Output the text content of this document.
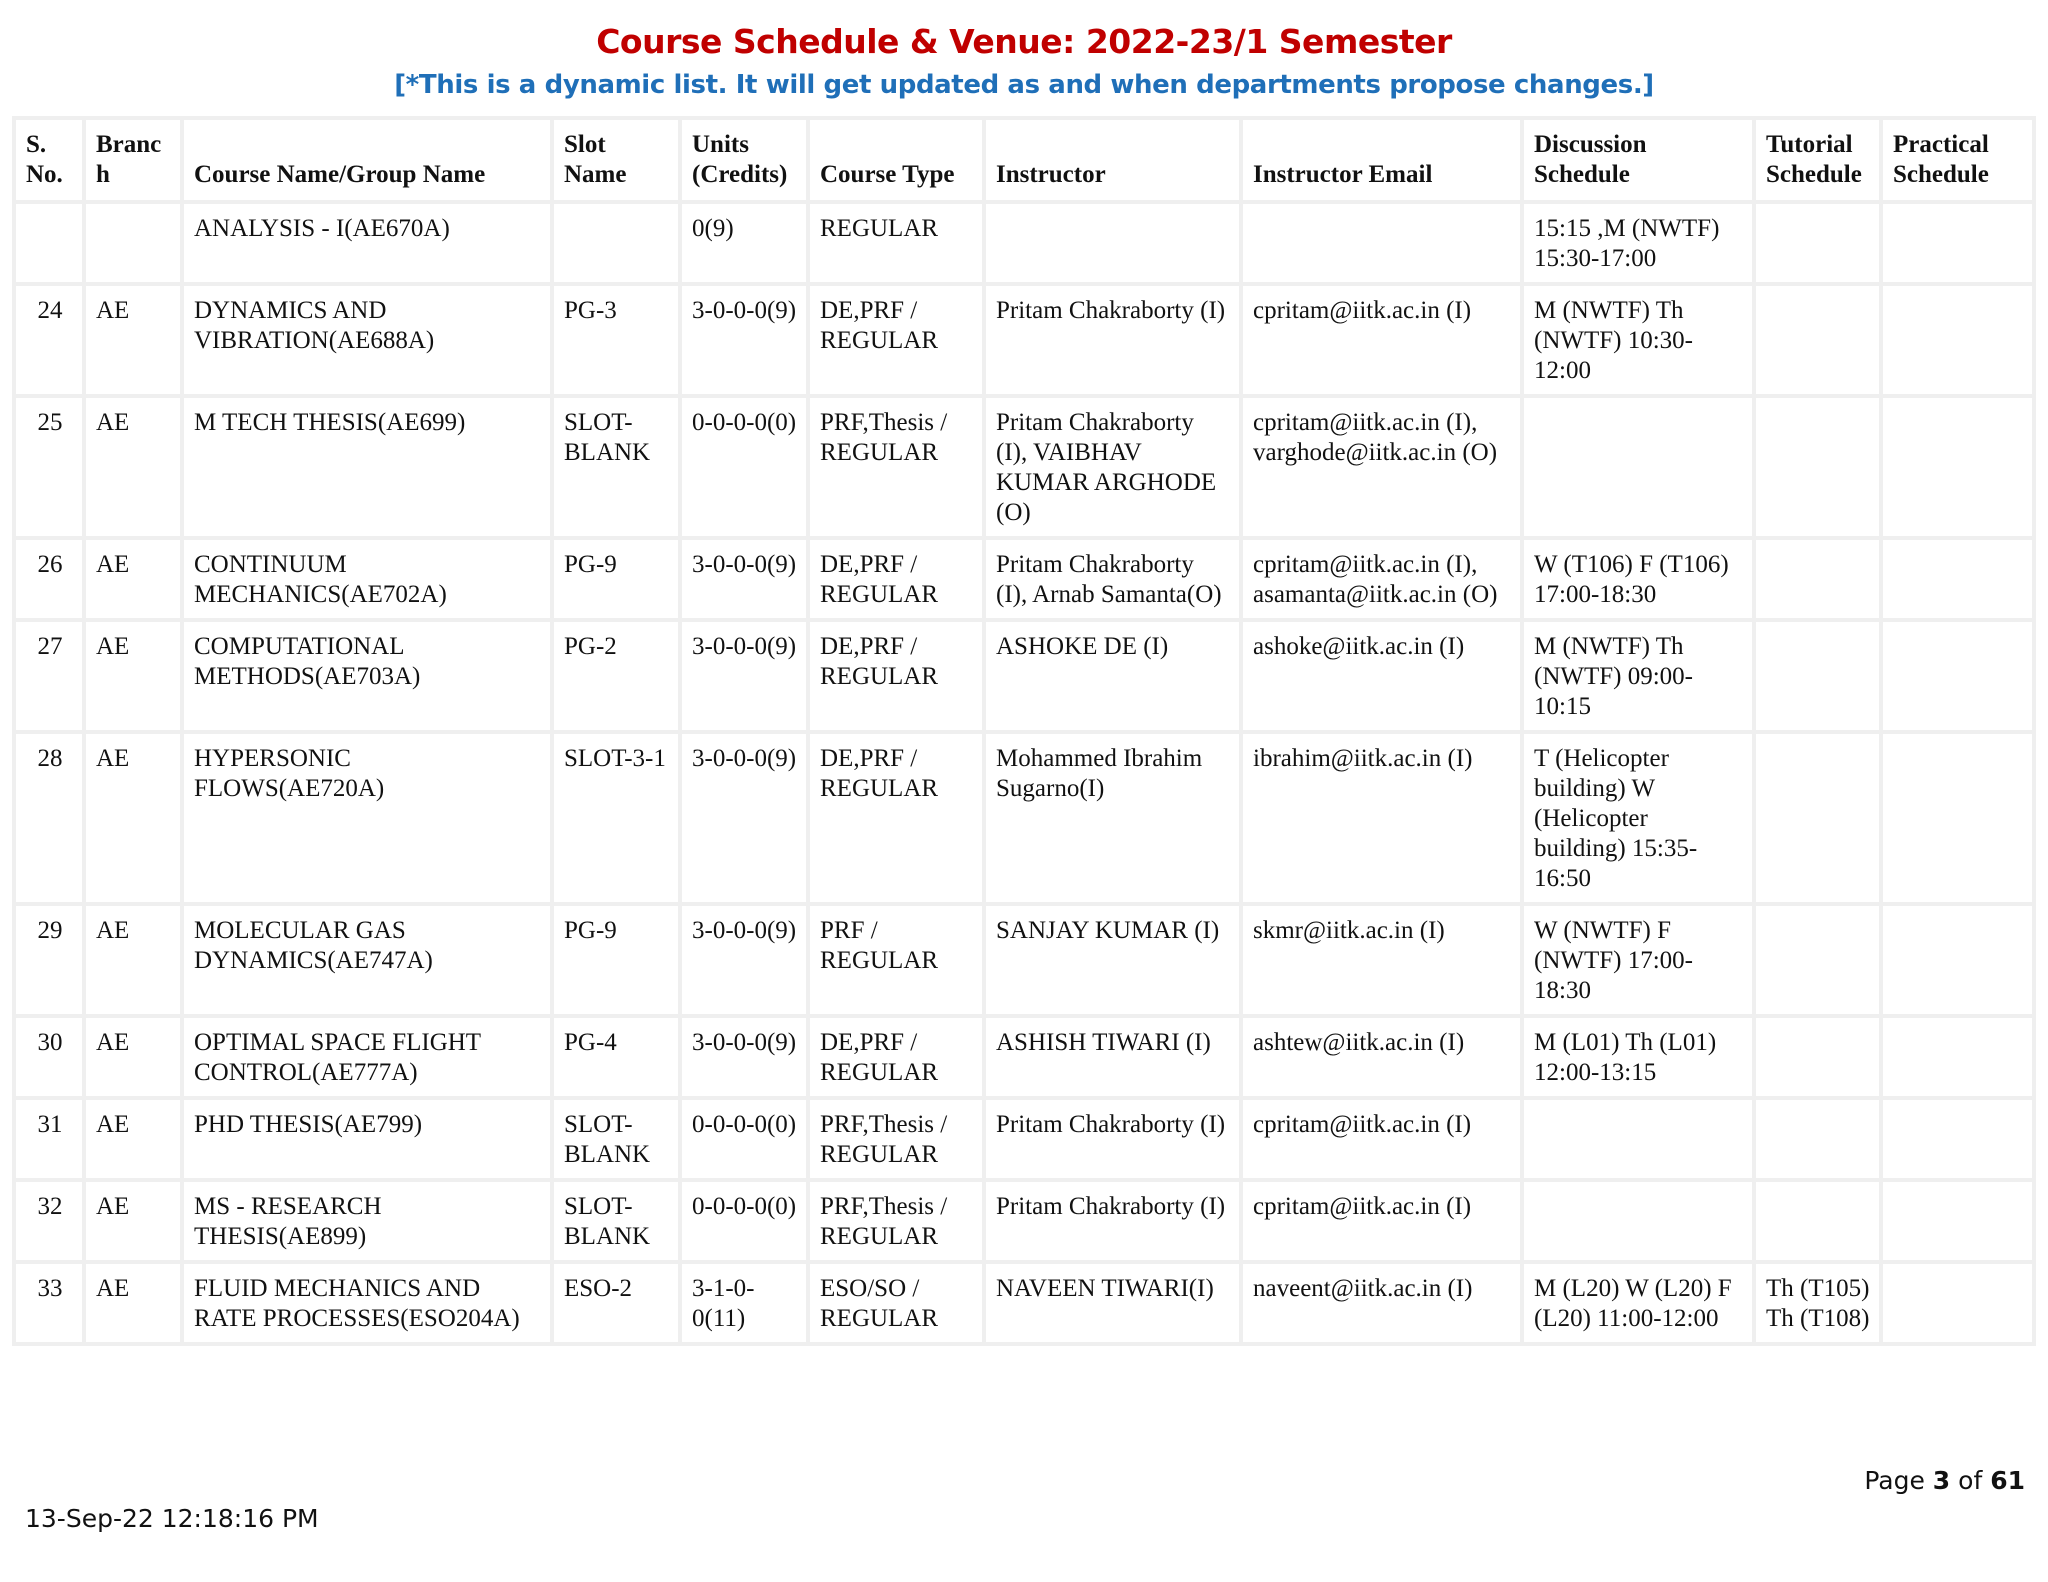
Course Schedule & Venue: 2022-23/1 Semester
[*This is a dynamic list. It will get updated as and when departments propose changes.]
S. No.	Branch	Course Name/Group Name	Slot Name	Units (Credits)	Course Type	Instructor	Instructor Email	Discussion Schedule	Tutorial Schedule	Practical Schedule
		ANALYSIS - I(AE670A)		0(9)	REGULAR			15:15 ,M (NWTF) 15:30-17:00		
24	AE	DYNAMICS AND VIBRATION(AE688A)	PG-3	3-0-0-0(9)	DE,PRF / REGULAR	Pritam Chakraborty (I)	cpritam@iitk.ac.in (I)	M (NWTF) Th (NWTF) 10:30-12:00		
25	AE	M TECH THESIS(AE699)	SLOT-BLANK	0-0-0-0(0)	PRF,Thesis / REGULAR	Pritam Chakraborty (I), VAIBHAV KUMAR ARGHODE (O)	cpritam@iitk.ac.in (I), varghode@iitk.ac.in (O)			
26	AE	CONTINUUM MECHANICS(AE702A)	PG-9	3-0-0-0(9)	DE,PRF / REGULAR	Pritam Chakraborty (I), Arnab Samanta(O)	cpritam@iitk.ac.in (I), asamanta@iitk.ac.in (O)	W (T106) F (T106) 17:00-18:30		
27	AE	COMPUTATIONAL METHODS(AE703A)	PG-2	3-0-0-0(9)	DE,PRF / REGULAR	ASHOKE DE (I)	ashoke@iitk.ac.in (I)	M (NWTF) Th (NWTF) 09:00-10:15		
28	AE	HYPERSONIC FLOWS(AE720A)	SLOT-3-1	3-0-0-0(9)	DE,PRF / REGULAR	Mohammed Ibrahim Sugarno(I)	ibrahim@iitk.ac.in (I)	T (Helicopter building) W (Helicopter building) 15:35-16:50		
29	AE	MOLECULAR GAS DYNAMICS(AE747A)	PG-9	3-0-0-0(9)	PRF / REGULAR	SANJAY KUMAR (I)	skmr@iitk.ac.in (I)	W (NWTF) F (NWTF) 17:00-18:30		
30	AE	OPTIMAL SPACE FLIGHT CONTROL(AE777A)	PG-4	3-0-0-0(9)	DE,PRF / REGULAR	ASHISH TIWARI (I)	ashtew@iitk.ac.in (I)	M (L01) Th (L01) 12:00-13:15		
31	AE	PHD THESIS(AE799)	SLOT-BLANK	0-0-0-0(0)	PRF,Thesis / REGULAR	Pritam Chakraborty (I)	cpritam@iitk.ac.in (I)			
32	AE	MS - RESEARCH THESIS(AE899)	SLOT-BLANK	0-0-0-0(0)	PRF,Thesis / REGULAR	Pritam Chakraborty (I)	cpritam@iitk.ac.in (I)			
33	AE	FLUID MECHANICS AND RATE PROCESSES(ESO204A)	ESO-2	3-1-0-0(11)	ESO/SO / REGULAR	NAVEEN TIWARI(I)	naveent@iitk.ac.in (I)	M (L20) W (L20) F (L20) 11:00-12:00	Th (T105) Th (T108)	
Page 3 of 61
13-Sep-22 12:18:16 PM
